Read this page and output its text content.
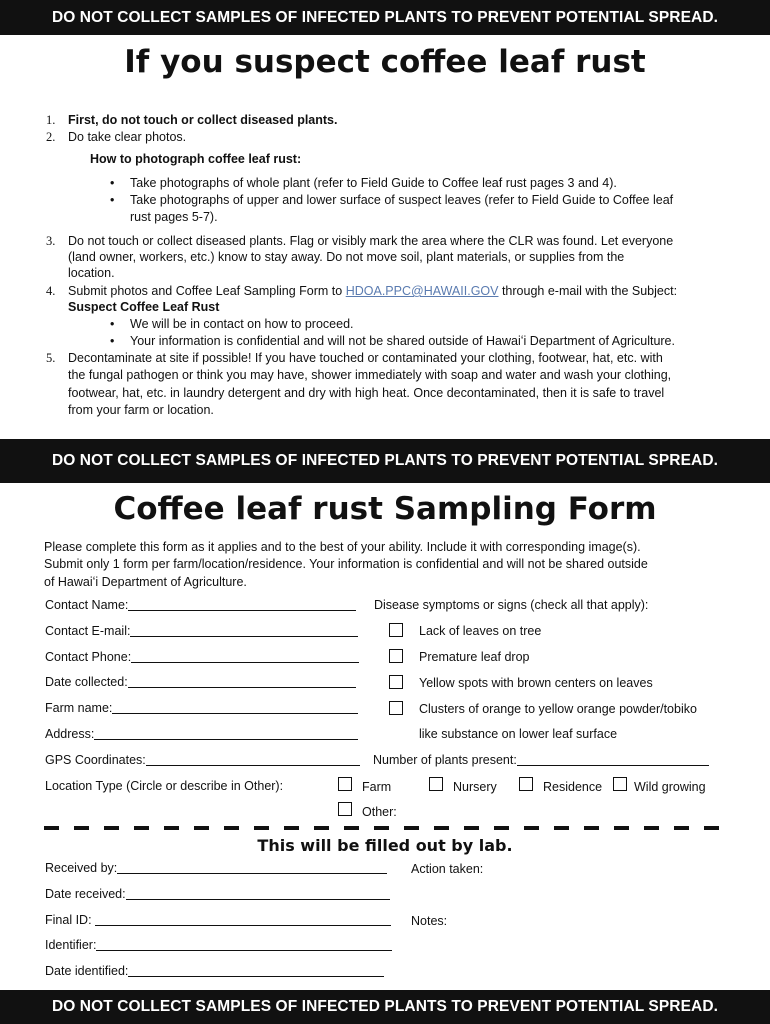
DO NOT COLLECT SAMPLES OF INFECTED PLANTS TO PREVENT POTENTIAL SPREAD.
If you suspect coffee leaf rust
1. First, do not touch or collect diseased plants.
2. Do take clear photos.
How to photograph coffee leaf rust:
• Take photographs of whole plant (refer to Field Guide to Coffee leaf rust pages 3 and 4).
• Take photographs of upper and lower surface of suspect leaves (refer to Field Guide to Coffee leaf
rust pages 5-7).
3. Do not touch or collect diseased plants. Flag or visibly mark the area where the CLR was found. Let everyone
(land owner, workers, etc.) know to stay away. Do not move soil, plant materials, or supplies from the
location.
4. Submit photos and Coffee Leaf Sampling Form to HDOA.PPC@HAWAII.GOV through e-mail with the Subject:
Suspect Coffee Leaf Rust
• We will be in contact on how to proceed.
• Your information is confidential and will not be shared outside of Hawaiʻi Department of Agriculture.
5. Decontaminate at site if possible! If you have touched or contaminated your clothing, footwear, hat, etc. with
the fungal pathogen or think you may have, shower immediately with soap and water and wash your clothing,
footwear, hat, etc. in laundry detergent and dry with high heat. Once decontaminated, then it is safe to travel
from your farm or location.
DO NOT COLLECT SAMPLES OF INFECTED PLANTS TO PREVENT POTENTIAL SPREAD.
Coffee leaf rust Sampling Form
Please complete this form as it applies and to the best of your ability. Include it with corresponding image(s).
Submit only 1 form per farm/location/residence. Your information is confidential and will not be shared outside
of Hawaiʻi Department of Agriculture.
Contact Name:
Contact E-mail:
Contact Phone:
Date collected:
Farm name:
Address:
GPS Coordinates:
Location Type (Circle or describe in Other):
Disease symptoms or signs (check all that apply):
Lack of leaves on tree
Premature leaf drop
Yellow spots with brown centers on leaves
Clusters of orange to yellow orange powder/tobiko
like substance on lower leaf surface
Number of plants present:
Farm	Nursery	Residence	Wild growing
Other:
This will be filled out by lab.
Received by:	Action taken:
Date received:
Final ID:	Notes:
Identifier:
Date identified:
DO NOT COLLECT SAMPLES OF INFECTED PLANTS TO PREVENT POTENTIAL SPREAD.
